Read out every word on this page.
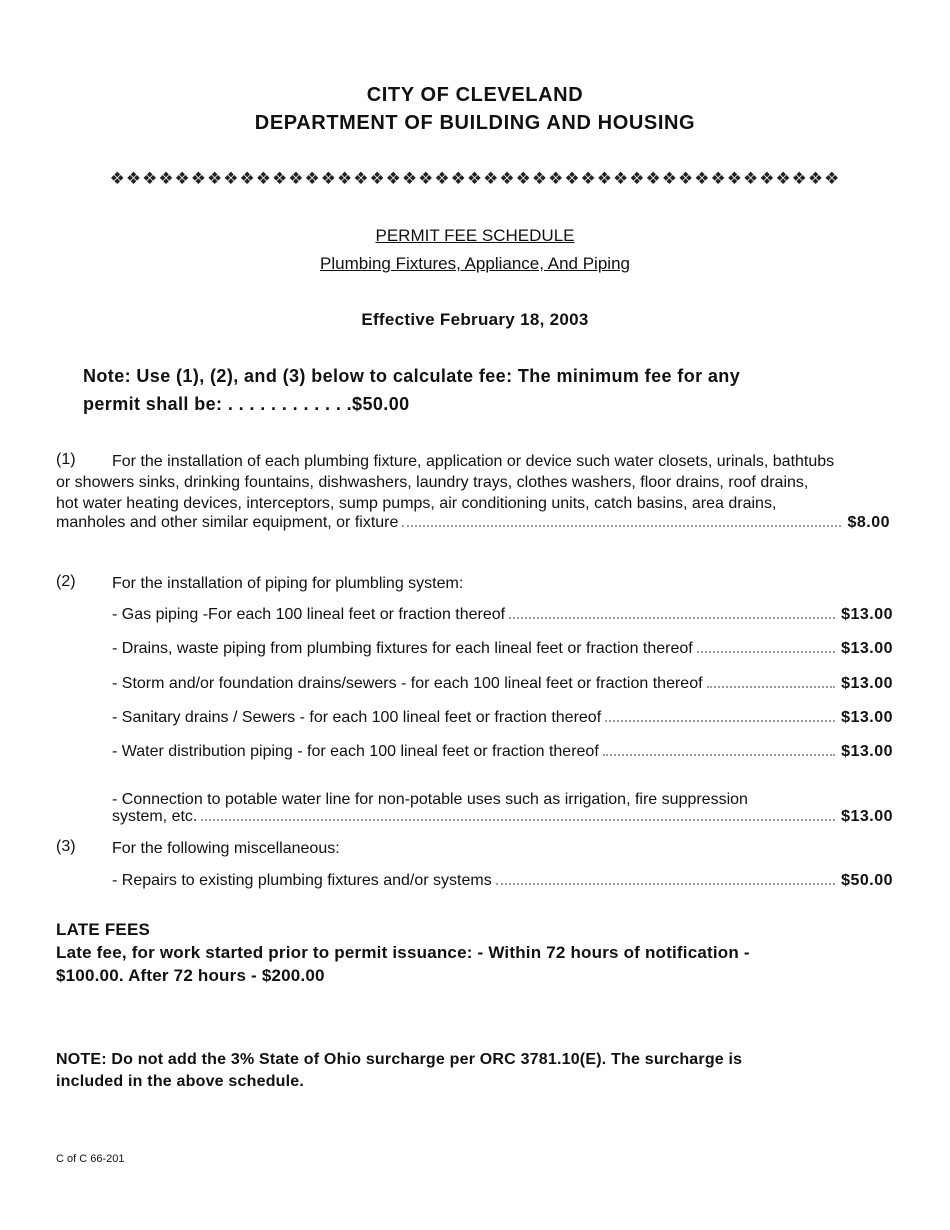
CITY OF CLEVELAND
DEPARTMENT OF BUILDING AND HOUSING
❖❖❖❖❖❖❖❖❖❖❖❖❖❖❖❖❖❖❖❖❖❖❖❖❖❖❖❖❖❖❖❖❖❖❖❖❖❖❖❖❖❖❖❖❖
PERMIT FEE SCHEDULE
Plumbing Fixtures, Appliance, And Piping
Effective February 18, 2003
Note: Use (1), (2), and (3) below to calculate fee: The minimum fee for any
permit shall be: . . . . . . . . . . . .$50.00
(1)	For the installation of each plumbing fixture, application or device such water closets, urinals, bathtubs
or showers sinks, drinking fountains, dishwashers, laundry trays, clothes washers, floor drains, roof drains,
hot water heating devices, interceptors, sump pumps, air conditioning units, catch basins, area drains,
manholes and other similar equipment, or fixture	$8.00
(2) For the installation of piping for plumbling system:
- Gas piping -For each 100 lineal feet or fraction thereof	$13.00
- Drains, waste piping from plumbing fixtures for each lineal feet or fraction thereof	$13.00
- Storm and/or foundation drains/sewers - for each 100 lineal feet or fraction thereof	$13.00
- Sanitary drains / Sewers - for each 100 lineal feet or fraction thereof	$13.00
- Water distribution piping - for each 100 lineal feet or fraction thereof	$13.00
- Connection to potable water line for non-potable uses such as irrigation, fire suppression
system, etc.	$13.00
(3) For the following miscellaneous:
- Repairs to existing plumbing fixtures and/or systems	$50.00
LATE FEES
Late fee, for work started prior to permit issuance: - Within 72 hours of notification -
$100.00. After 72 hours - $200.00
NOTE: Do not add the 3% State of Ohio surcharge per ORC 3781.10(E). The surcharge is
included in the above schedule.
C of C 66-201
